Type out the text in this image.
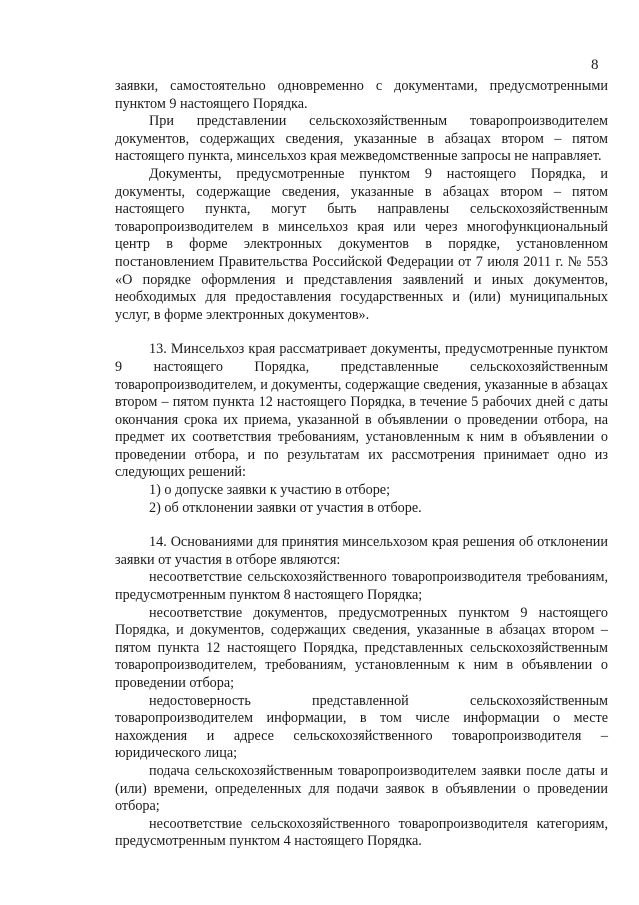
8

заявки, самостоятельно одновременно с документами, предусмотренными пунктом 9 настоящего Порядка.

При представлении сельскохозяйственным товаропроизводителем документов, содержащих сведения, указанные в абзацах втором – пятом настоящего пункта, минсельхоз края межведомственные запросы не направляет.

Документы, предусмотренные пунктом 9 настоящего Порядка, и документы, содержащие сведения, указанные в абзацах втором – пятом настоящего пункта, могут быть направлены сельскохозяйственным товаропроизводителем в минсельхоз края или через многофункциональный центр в форме электронных документов в порядке, установленном постановлением Правительства Российской Федерации от 7 июля 2011 г. № 553 «О порядке оформления и представления заявлений и иных документов, необходимых для предоставления государственных и (или) муниципальных услуг, в форме электронных документов».

13. Минсельхоз края рассматривает документы, предусмотренные пунктом 9 настоящего Порядка, представленные сельскохозяйственным товаропроизводителем, и документы, содержащие сведения, указанные в абзацах втором – пятом пункта 12 настоящего Порядка, в течение 5 рабочих дней с даты окончания срока их приема, указанной в объявлении о проведении отбора, на предмет их соответствия требованиям, установленным к ним в объявлении о проведении отбора, и по результатам их рассмотрения принимает одно из следующих решений:

1) о допуске заявки к участию в отборе;

2) об отклонении заявки от участия в отборе.

14. Основаниями для принятия минсельхозом края решения об отклонении заявки от участия в отборе являются:

несоответствие сельскохозяйственного товаропроизводителя требованиям, предусмотренным пунктом 8 настоящего Порядка;

несоответствие документов, предусмотренных пунктом 9 настоящего Порядка, и документов, содержащих сведения, указанные в абзацах втором – пятом пункта 12 настоящего Порядка, представленных сельскохозяйственным товаропроизводителем, требованиям, установленным к ним в объявлении о проведении отбора;

недостоверность представленной сельскохозяйственным товаропроизводителем информации, в том числе информации о месте нахождения и адресе сельскохозяйственного товаропроизводителя – юридического лица;

подача сельскохозяйственным товаропроизводителем заявки после даты и (или) времени, определенных для подачи заявок в объявлении о проведении отбора;

несоответствие сельскохозяйственного товаропроизводителя категориям, предусмотренным пунктом 4 настоящего Порядка.
